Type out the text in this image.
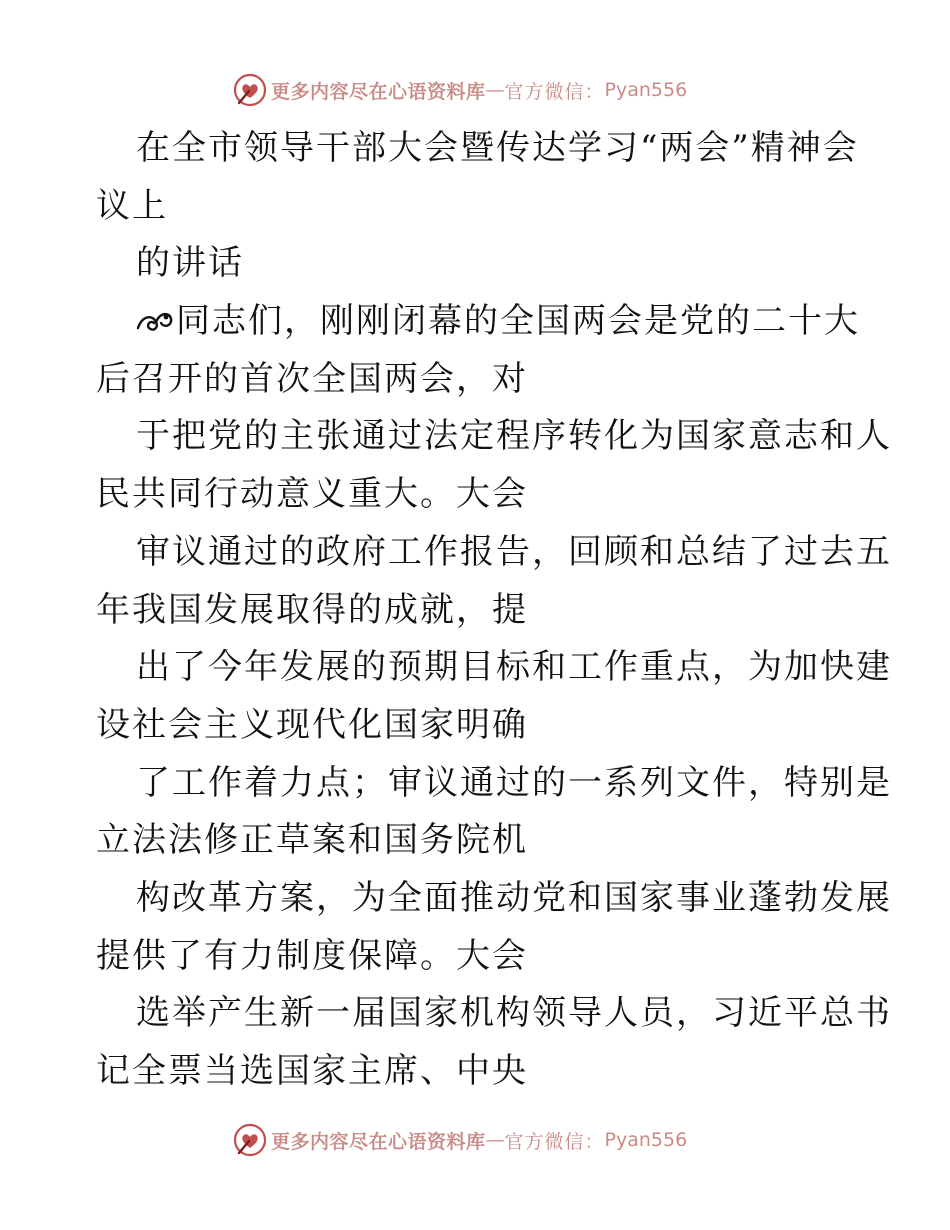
更多内容尽在心语资料库 — 官方微信： Pyan556
在全市领导干部大会暨传达学习“两会”精神会
议上
的讲话
同志们，刚刚闭幕的全国两会是党的二十大
后召开的首次全国两会，对
于把党的主张通过法定程序转化为国家意志和人
民共同行动意义重大。大会
审议通过的政府工作报告，回顾和总结了过去五
年我国发展取得的成就，提
出了今年发展的预期目标和工作重点，为加快建
设社会主义现代化国家明确
了工作着力点；审议通过的一系列文件，特别是
立法法修正草案和国务院机
构改革方案，为全面推动党和国家事业蓬勃发展
提供了有力制度保障。大会
选举产生新一届国家机构领导人员，习近平总书
记全票当选国家主席、中央
更多内容尽在心语资料库 — 官方微信： Pyan556
